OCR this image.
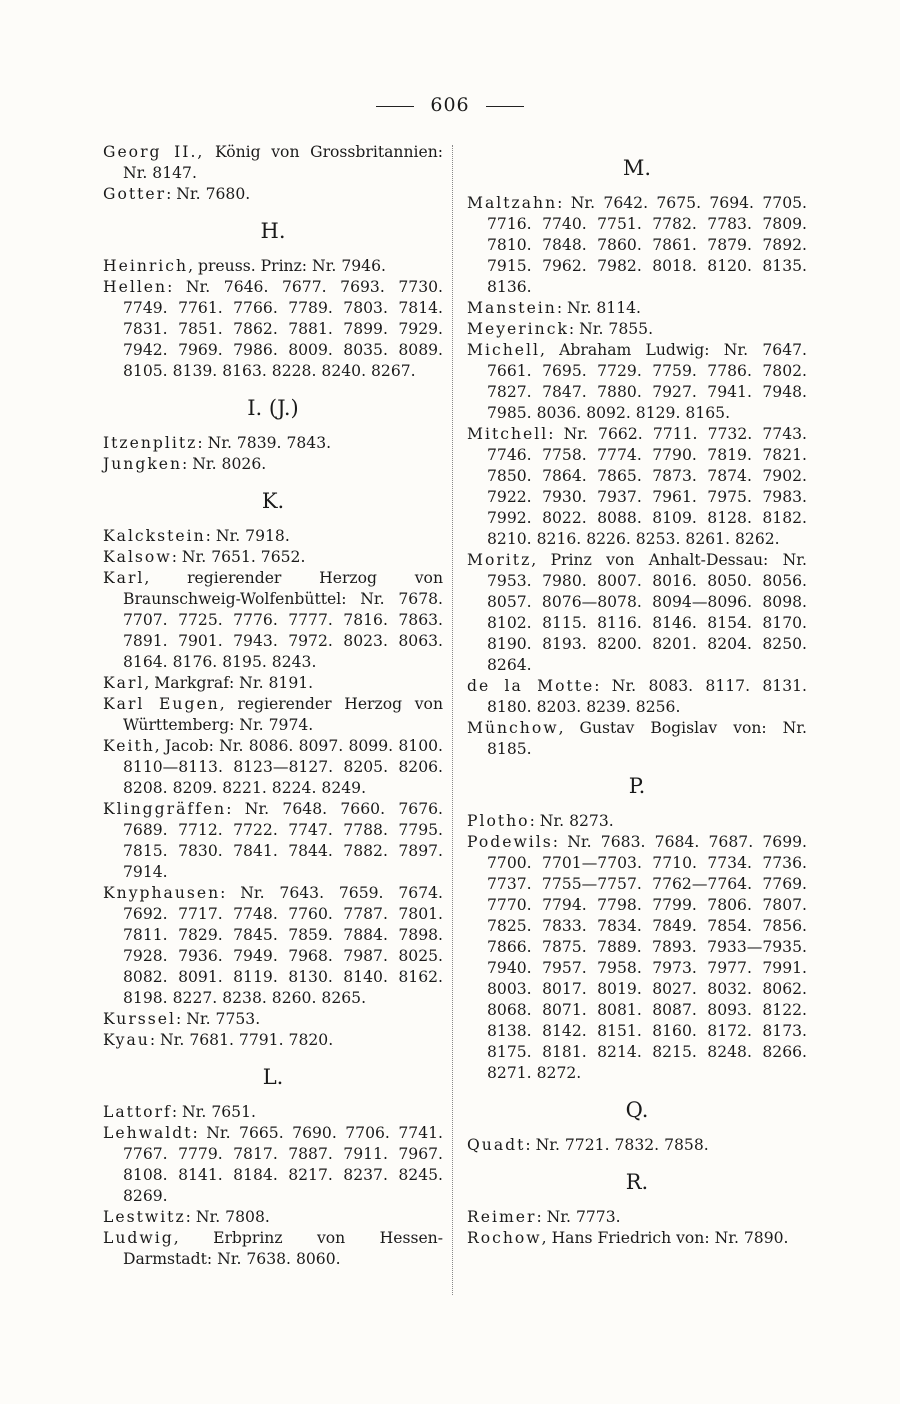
606

Georg II., König von Grossbritannien: Nr. 8147.

Gotter: Nr. 7680.

H.

Heinrich, preuss. Prinz: Nr. 7946.

Hellen: Nr. 7646. 7677. 7693. 7730. 7749. 7761. 7766. 7789. 7803. 7814. 7831. 7851. 7862. 7881. 7899. 7929. 7942. 7969. 7986. 8009. 8035. 8089. 8105. 8139. 8163. 8228. 8240. 8267.

I. (J.)

Itzenplitz: Nr. 7839. 7843.

Jungken: Nr. 8026.

K.

Kalckstein: Nr. 7918.

Kalsow: Nr. 7651. 7652.

Karl, regierender Herzog von Braunschweig-Wolfenbüttel: Nr. 7678. 7707. 7725. 7776. 7777. 7816. 7863. 7891. 7901. 7943. 7972. 8023. 8063. 8164. 8176. 8195. 8243.

Karl, Markgraf: Nr. 8191.

Karl Eugen, regierender Herzog von Württemberg: Nr. 7974.

Keith, Jacob: Nr. 8086. 8097. 8099. 8100. 8110—8113. 8123—8127. 8205. 8206. 8208. 8209. 8221. 8224. 8249.

Klinggräffen: Nr. 7648. 7660. 7676. 7689. 7712. 7722. 7747. 7788. 7795. 7815. 7830. 7841. 7844. 7882. 7897. 7914.

Knyphausen: Nr. 7643. 7659. 7674. 7692. 7717. 7748. 7760. 7787. 7801. 7811. 7829. 7845. 7859. 7884. 7898. 7928. 7936. 7949. 7968. 7987. 8025. 8082. 8091. 8119. 8130. 8140. 8162. 8198. 8227. 8238. 8260. 8265.

Kurssel: Nr. 7753.

Kyau: Nr. 7681. 7791. 7820.

L.

Lattorf: Nr. 7651.

Lehwaldt: Nr. 7665. 7690. 7706. 7741. 7767. 7779. 7817. 7887. 7911. 7967. 8108. 8141. 8184. 8217. 8237. 8245. 8269.

Lestwitz: Nr. 7808.

Ludwig, Erbprinz von Hessen-Darmstadt: Nr. 7638. 8060.

M.

Maltzahn: Nr. 7642. 7675. 7694. 7705. 7716. 7740. 7751. 7782. 7783. 7809. 7810. 7848. 7860. 7861. 7879. 7892. 7915. 7962. 7982. 8018. 8120. 8135. 8136.

Manstein: Nr. 8114.

Meyerinck: Nr. 7855.

Michell, Abraham Ludwig: Nr. 7647. 7661. 7695. 7729. 7759. 7786. 7802. 7827. 7847. 7880. 7927. 7941. 7948. 7985. 8036. 8092. 8129. 8165.

Mitchell: Nr. 7662. 7711. 7732. 7743. 7746. 7758. 7774. 7790. 7819. 7821. 7850. 7864. 7865. 7873. 7874. 7902. 7922. 7930. 7937. 7961. 7975. 7983. 7992. 8022. 8088. 8109. 8128. 8182. 8210. 8216. 8226. 8253. 8261. 8262.

Moritz, Prinz von Anhalt-Dessau: Nr. 7953. 7980. 8007. 8016. 8050. 8056. 8057. 8076—8078. 8094—8096. 8098. 8102. 8115. 8116. 8146. 8154. 8170. 8190. 8193. 8200. 8201. 8204. 8250. 8264.

de la Motte: Nr. 8083. 8117. 8131. 8180. 8203. 8239. 8256.

Münchow, Gustav Bogislav von: Nr. 8185.

P.

Plotho: Nr. 8273.

Podewils: Nr. 7683. 7684. 7687. 7699. 7700. 7701—7703. 7710. 7734. 7736. 7737. 7755—7757. 7762—7764. 7769. 7770. 7794. 7798. 7799. 7806. 7807. 7825. 7833. 7834. 7849. 7854. 7856. 7866. 7875. 7889. 7893. 7933—7935. 7940. 7957. 7958. 7973. 7977. 7991. 8003. 8017. 8019. 8027. 8032. 8062. 8068. 8071. 8081. 8087. 8093. 8122. 8138. 8142. 8151. 8160. 8172. 8173. 8175. 8181. 8214. 8215. 8248. 8266. 8271. 8272.

Q.

Quadt: Nr. 7721. 7832. 7858.

R.

Reimer: Nr. 7773.

Rochow, Hans Friedrich von: Nr. 7890.
